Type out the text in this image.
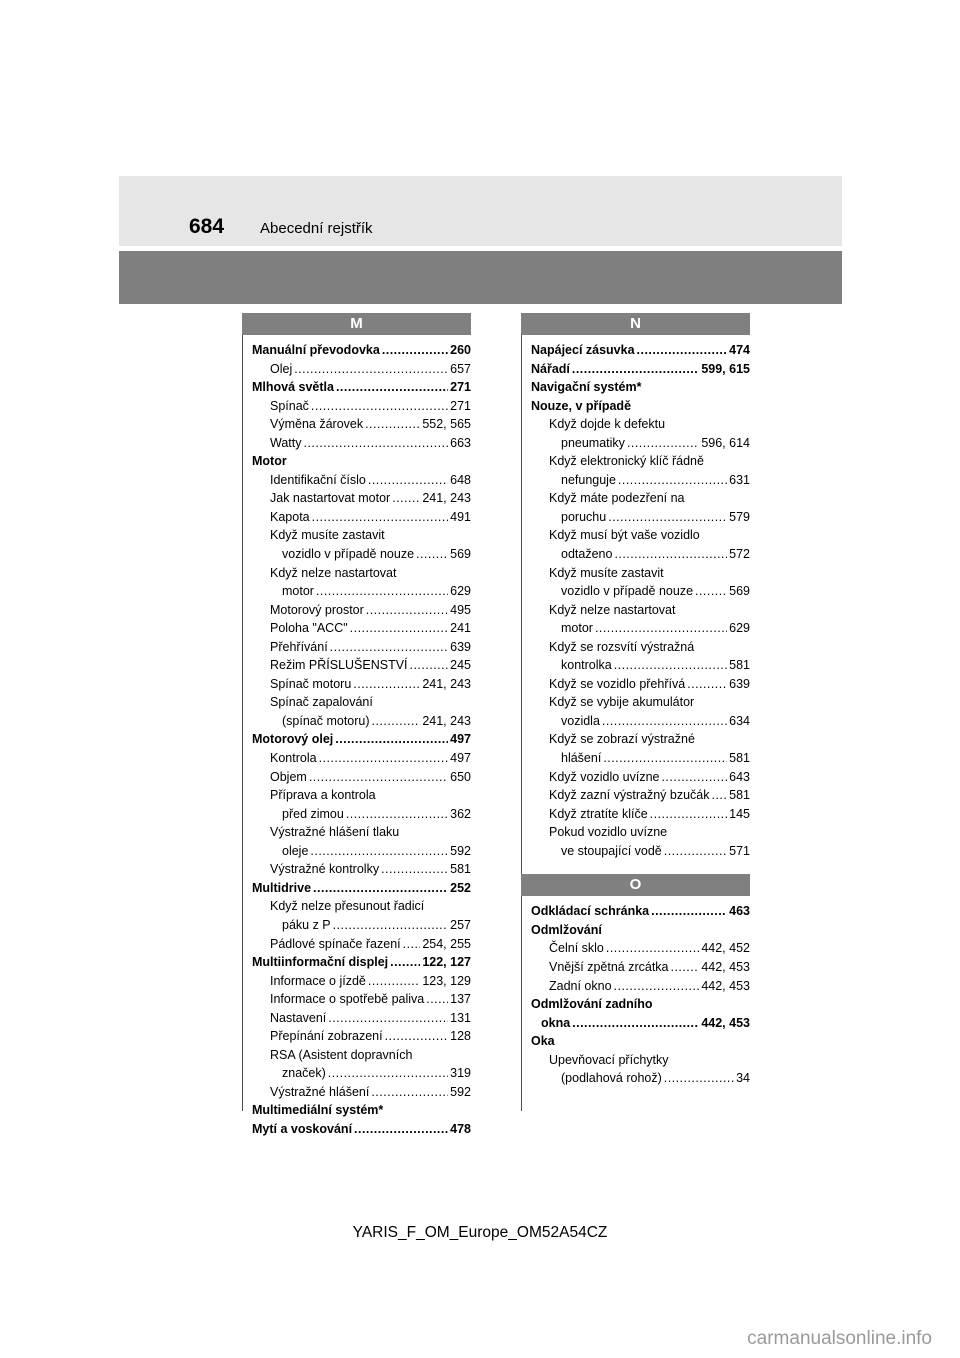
684 Abecední rejstřík
M
Manuální převodovka . . .	260
Olej . . .	657
Mlhová světla . . .	271
Spínač . . .	271
Výměna žárovek . . .	552, 565
Watty . . .	663
Motor
Identifikační číslo . . .	648
Jak nastartovat motor . . .	241, 243
Kapota . . .	491
Když musíte zastavit
vozidlo v případě nouze . . .	569
Když nelze nastartovat
motor . . .	629
Motorový prostor . . .	495
Poloha "ACC" . . .	241
Přehřívání . . .	639
Režim PŘÍSLUŠENSTVÍ . . .	245
Spínač motoru . . .	241, 243
Spínač zapalování
(spínač motoru) . . .	241, 243
Motorový olej . . .	497
Kontrola . . .	497
Objem . . .	650
Příprava a kontrola
před zimou . . .	362
Výstražné hlášení tlaku
oleje . . .	592
Výstražné kontrolky . . .	581
Multidrive . . .	252
Když nelze přesunout řadicí
páku z P . . .	257
Pádlové spínače řazení . . . 254, 255
Multiinformační displej . . .	122, 127
Informace o jízdě . . .	123, 129
Informace o spotřebě paliva . . . 137
Nastavení . . .	131
Přepínání zobrazení . . .	128
RSA (Asistent dopravních
značek) . . .	319
Výstražné hlášení . . .	592
Multimediální systém*
Mytí a voskování . . .	478
N
Napájecí zásuvka . . .	474
Nářadí . . .	599, 615
Navigační systém*
Nouze, v případě
Když dojde k defektu
pneumatiky . . .	596, 614
Když elektronický klíč řádně
nefunguje . . .	631
Když máte podezření na
poruchu . . .	579
Když musí být vaše vozidlo
odtaženo . . .	572
Když musíte zastavit
vozidlo v případě nouze . . .	569
Když nelze nastartovat
motor . . .	629
Když se rozsvítí výstražná
kontrolka . . .	581
Když se vozidlo přehřívá . . .	639
Když se vybije akumulátor
vozidla . . .	634
Když se zobrazí výstražné
hlášení . . .	581
Když vozidlo uvízne . . .	643
Když zazní výstražný bzučák . . . 581
Když ztratíte klíče . . .	145
Pokud vozidlo uvízne
ve stoupající vodě . . .	571
O
Odkládací schránka . . .	463
Odmlžování
Čelní sklo . . .	442, 452
Vnější zpětná zrcátka . . .	442, 453
Zadní okno . . .	442, 453
Odmlžování zadního
okna . . .	442, 453
Oka
Upevňovací příchytky
(podlahová rohož) . . .	34
YARIS_F_OM_Europe_OM52A54CZ
carmanualsonline.info
